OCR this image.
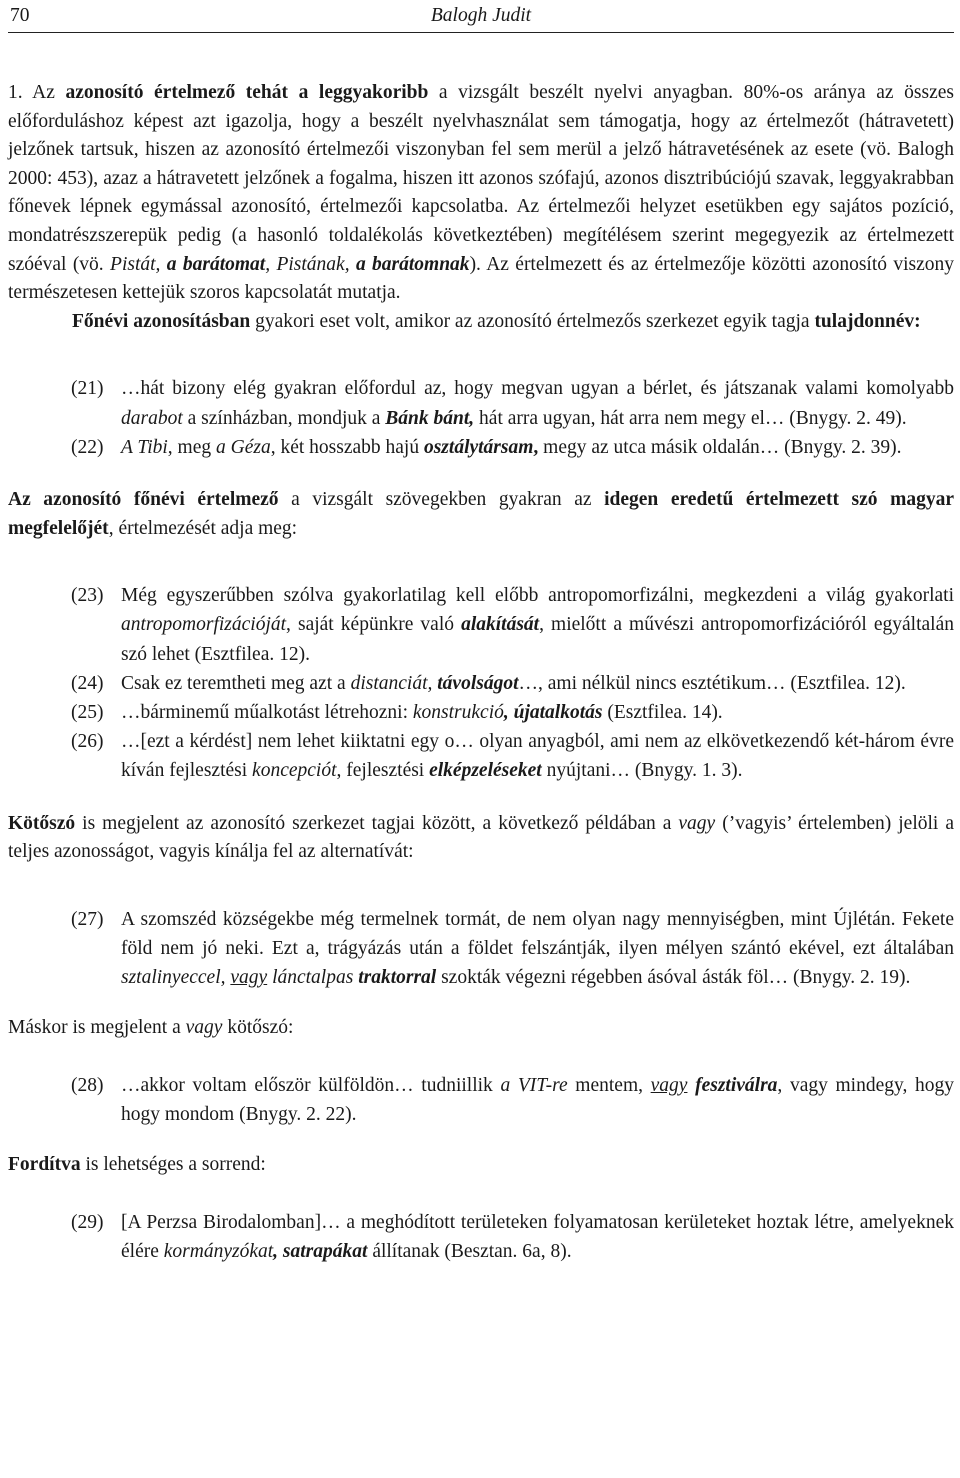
70	Balogh Judit

1. Az azonosító értelmező tehát a leggyakoribb a vizsgált beszélt nyelvi anyagban. 80%-os aránya az összes előforduláshoz képest azt igazolja, hogy a beszélt nyelvhasználat sem támogatja, hogy az értelmezőt (hátravetett) jelzőnek tartsuk, hiszen az azonosító értelmezői viszonyban fel sem merül a jelző hátravetésének az esete (vö. Balogh 2000: 453), azaz a hátravetett jelzőnek a fogalma, hiszen itt azonos szófajú, azonos disztribúciójú szavak, leggyakrabban főnevek lépnek egymással azonosító, értelmezői kapcsolatba. Az értelmezői helyzet esetükben egy sajátos pozíció, mondatrészszerepük pedig (a hasonló toldalékolás következtében) megítélésem szerint megegyezik az értelmezett szóéval (vö. Pistát, a barátomat, Pistának, a barátomnak). Az értelmezett és az értelmezője közötti azonosító viszony természetesen kettejük szoros kapcsolatát mutatja.

Főnévi azonosításban gyakori eset volt, amikor az azonosító értelmezős szerkezet egyik tagja tulajdonnév:

(21) …hát bizony elég gyakran előfordul az, hogy megvan ugyan a bérlet, és játszanak valami komolyabb darabot a színházban, mondjuk a Bánk bánt, hát arra ugyan, hát arra nem megy el… (Bnygy. 2. 49).
(22) A Tibi, meg a Géza, két hosszabb hajú osztálytársam, megy az utca másik oldalán… (Bnygy. 2. 39).

Az azonosító főnévi értelmező a vizsgált szövegekben gyakran az idegen eredetű értelmezett szó magyar megfelelőjét, értelmezését adja meg:

(23) Még egyszerűbben szólva gyakorlatilag kell előbb antropomorfizálni, megkezdeni a világ gyakorlati antropomorfizációját, saját képünkre való alakítását, mielőtt a művészi antropomorfizációról egyáltalán szó lehet (Esztfilea. 12).
(24) Csak ez teremtheti meg azt a distanciát, távolságot…, ami nélkül nincs esztétikum… (Esztfilea. 12).
(25) …bárminemű műalkotást létrehozni: konstrukció, újatalkotás (Esztfilea. 14).
(26) …[ezt a kérdést] nem lehet kiiktatni egy o… olyan anyagból, ami nem az elkövetkezendő két-három évre kíván fejlesztési koncepciót, fejlesztési elképzeléseket nyújtani… (Bnygy. 1. 3).

Kötőszó is megjelent az azonosító szerkezet tagjai között, a következő példában a vagy (’vagyis’ értelemben) jelöli a teljes azonosságot, vagyis kínálja fel az alternatívát:

(27) A szomszéd községekbe még termelnek tormát, de nem olyan nagy mennyiségben, mint Újlétán. Fekete föld nem jó neki. Ezt a, trágyázás után a földet felszántják, ilyen mélyen szántó ekével, ezt általában sztalinyeccel, vagy lánctalpas traktorral szokták végezni régebben ásóval ásták föl… (Bnygy. 2. 19).

Máskor is megjelent a vagy kötőszó:

(28) …akkor voltam először külföldön… tudniillik a VIT-re mentem, vagy fesztiválra, vagy mindegy, hogy hogy mondom (Bnygy. 2. 22).

Fordítva is lehetséges a sorrend:

(29) [A Perzsa Birodalomban]… a meghódított területeken folyamatosan kerületeket hoztak létre, amelyeknek élére kormányzókat, satrapákat állítanak (Besztan. 6a, 8).
